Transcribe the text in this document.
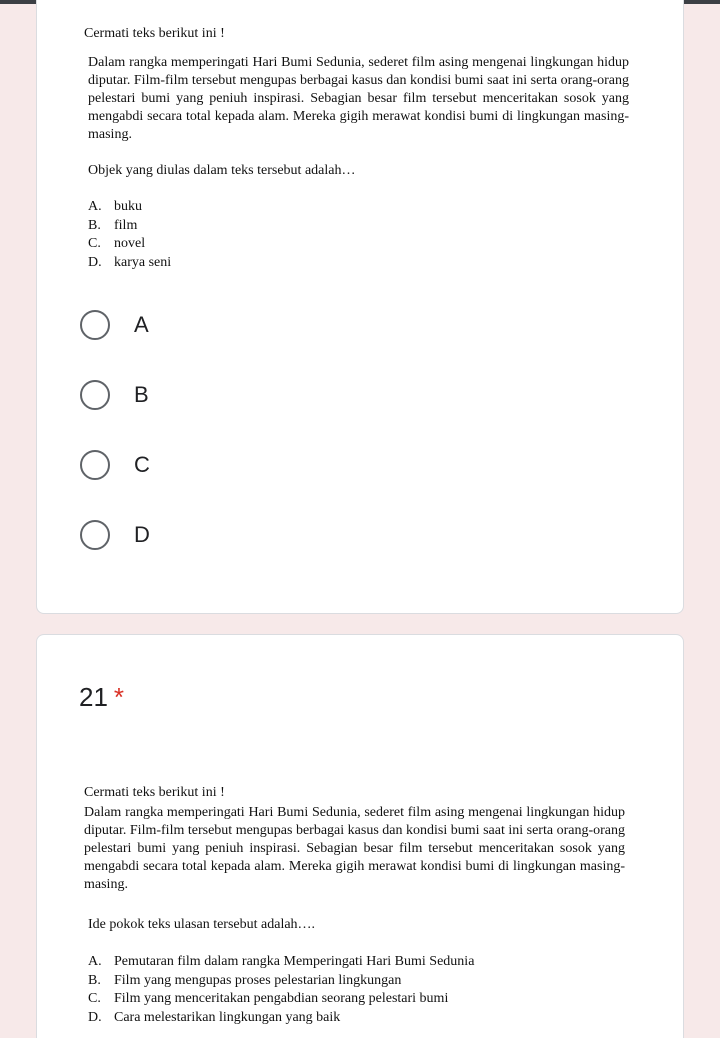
Cermati teks berikut ini !
Dalam rangka memperingati Hari Bumi Sedunia, sederet film asing mengenai lingkungan hidup diputar. Film-film tersebut mengupas berbagai kasus dan kondisi bumi saat ini serta orang-orang pelestari bumi yang peniuh inspirasi. Sebagian besar film tersebut menceritakan sosok yang mengabdi secara total kepada alam. Mereka gigih merawat kondisi bumi di lingkungan masing-masing.
Objek yang diulas dalam teks tersebut adalah…
A. buku
B. film
C. novel
D. karya seni
A
B
C
D
21 *
Cermati teks berikut ini !
Dalam rangka memperingati Hari Bumi Sedunia, sederet film asing mengenai lingkungan hidup diputar. Film-film tersebut mengupas berbagai kasus dan kondisi bumi saat ini serta orang-orang pelestari bumi yang peniuh inspirasi. Sebagian besar film tersebut menceritakan sosok yang mengabdi secara total kepada alam. Mereka gigih merawat kondisi bumi di lingkungan masing-masing.
Ide pokok teks ulasan tersebut adalah….
A. Pemutaran film dalam rangka Memperingati Hari Bumi Sedunia
B. Film yang mengupas proses pelestarian lingkungan
C. Film yang menceritakan pengabdian seorang pelestari bumi
D. Cara melestarikan lingkungan yang baik
